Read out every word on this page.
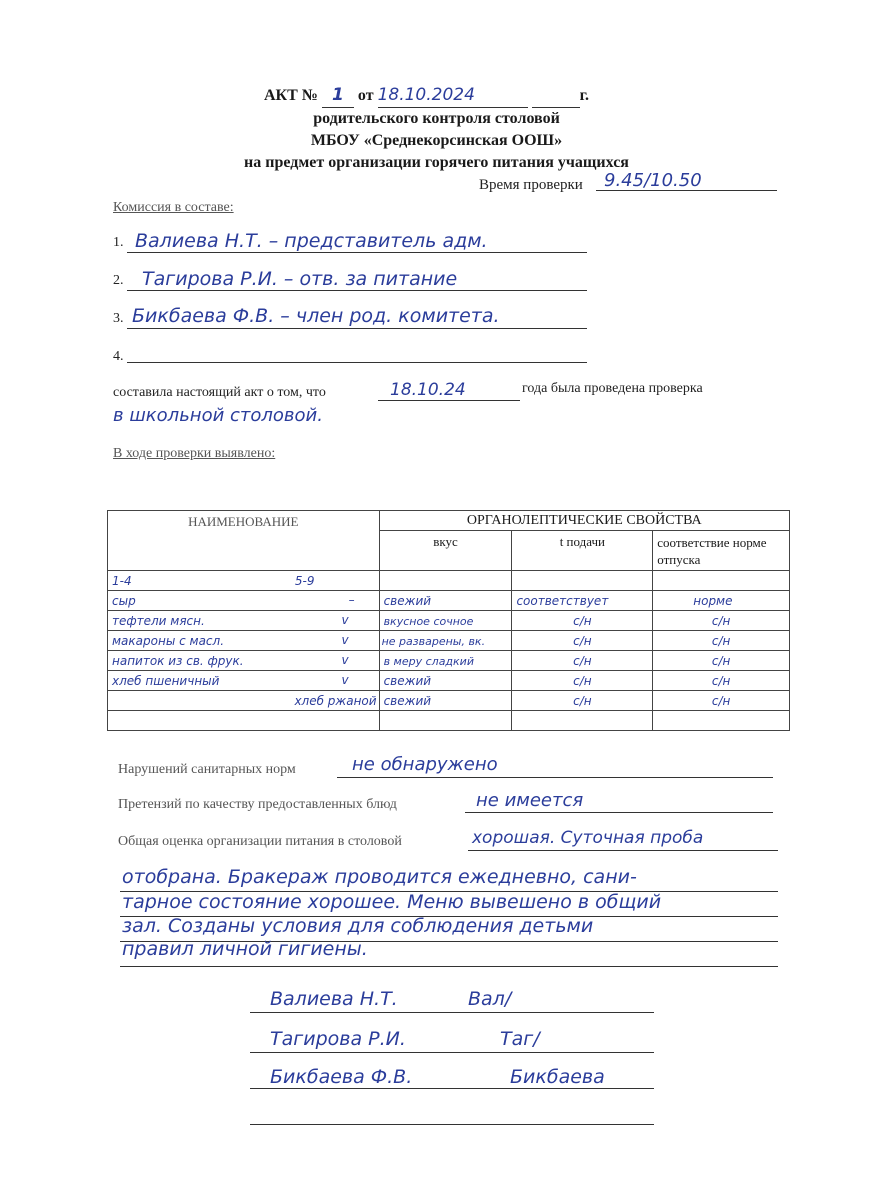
АКТ № 1 от 18.10.2024	г.
родительского контроля столовой
МБОУ «Среднекорсинская ООШ»
на предмет организации горячего питания учащихся
Время проверки 9.45/10.50
Комиссия в составе:
1. Валиева Н.Т. – представитель адм.
2. Тагирова Р.И. – отв. за питание
3. Бикбаева Ф.В. – член род. комитета.
4.
составила настоящий акт о том, что	18.10.24	года была проведена проверка
в школьной столовой.
В ходе проверки выявлено:
НАИМЕНОВАНИЕ	ОРГАНОЛЕПТИЧЕСКИЕ СВОЙСТВА		
	вкус	t подачи	соответствие норме отпуска
1-4 5-9			
сыр –	свежий	соответствует	норме
тефтели мясн. v	вкусное сочное	с/н	с/н
макароны с масл. v	не разварены, вк.	с/н	с/н
напиток из св. фрук. v	в меру сладкий	с/н	с/н
хлеб пшеничный v	свежий	с/н	с/н
хлеб ржаной	свежий	с/н	с/н

Нарушений санитарных норм	не обнаружено
Претензий по качеству предоставленных блюд	не имеется
Общая оценка организации питания в столовой	хорошая. Суточная проба
отобрана. Бракераж проводится ежедневно, сани-
тарное состояние хорошее. Меню вывешено в общий
зал. Созданы условия для соблюдения детьми
правил личной гигиены.
Валиева Н.Т.	Вал/
Тагирова Р.И.	Таг/
Бикбаева Ф.В.	Бикбаева
